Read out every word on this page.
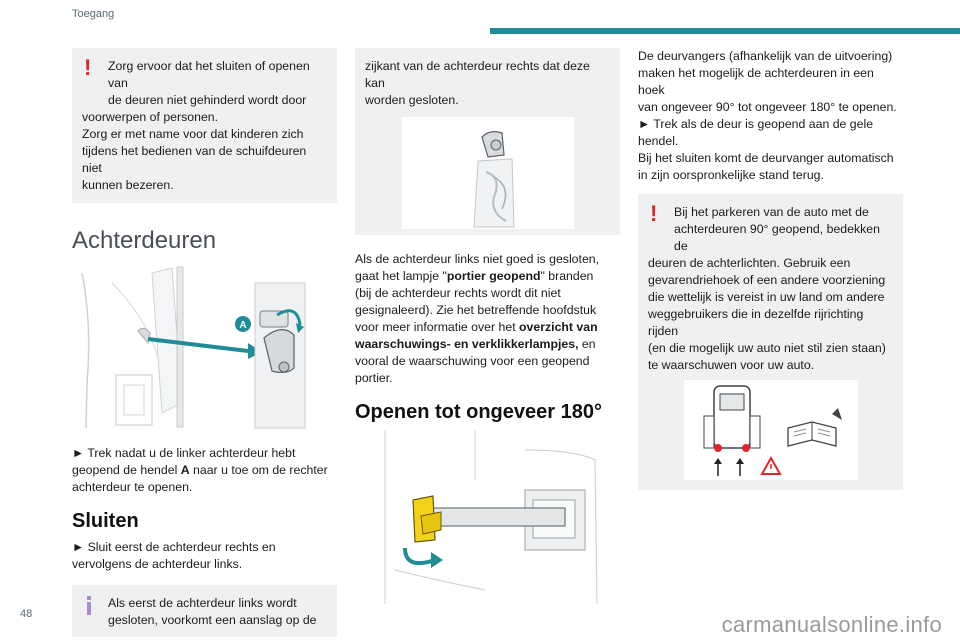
Toegang
!	Zorg ervoor dat het sluiten of openen van
de deuren niet gehinderd wordt door
voorwerpen of personen.
Zorg er met name voor dat kinderen zich
tijdens het bedienen van de schuifdeuren niet
kunnen bezeren.
Achterdeuren
A

► Trek nadat u de linker achterdeur hebt
geopend de hendel A naar u toe om de rechter
achterdeur te openen.

Sluiten

► Sluit eerst de achterdeur rechts en
vervolgens de achterdeur links.

Als eerst de achterdeur links wordt
gesloten, voorkomt een aanslag op de
zijkant van de achterdeur rechts dat deze kan
worden gesloten.

Als de achterdeur links niet goed is gesloten,
gaat het lampje "portier geopend" branden
(bij de achterdeur rechts wordt dit niet
gesignaleerd). Zie het betreffende hoofdstuk
voor meer informatie over het overzicht van
waarschuwings- en verklikkerlampjes, en
vooral de waarschuwing voor een geopend
portier.

Openen tot ongeveer 180°

De deurvangers (afhankelijk van de uitvoering)
maken het mogelijk de achterdeuren in een hoek
van ongeveer 90° tot ongeveer 180° te openen.
► Trek als de deur is geopend aan de gele
hendel.
Bij het sluiten komt de deurvanger automatisch
in zijn oorspronkelijke stand terug.

!	Bij het parkeren van de auto met de
achterdeuren 90° geopend, bedekken de
deuren de achterlichten. Gebruik een
gevarendriehoek of een andere voorziening
die wettelijk is vereist in uw land om andere
weggebruikers die in dezelfde rijrichting rijden
(en die mogelijk uw auto niet stil zien staan)
te waarschuwen voor uw auto.
48	carmanualsonline.info
